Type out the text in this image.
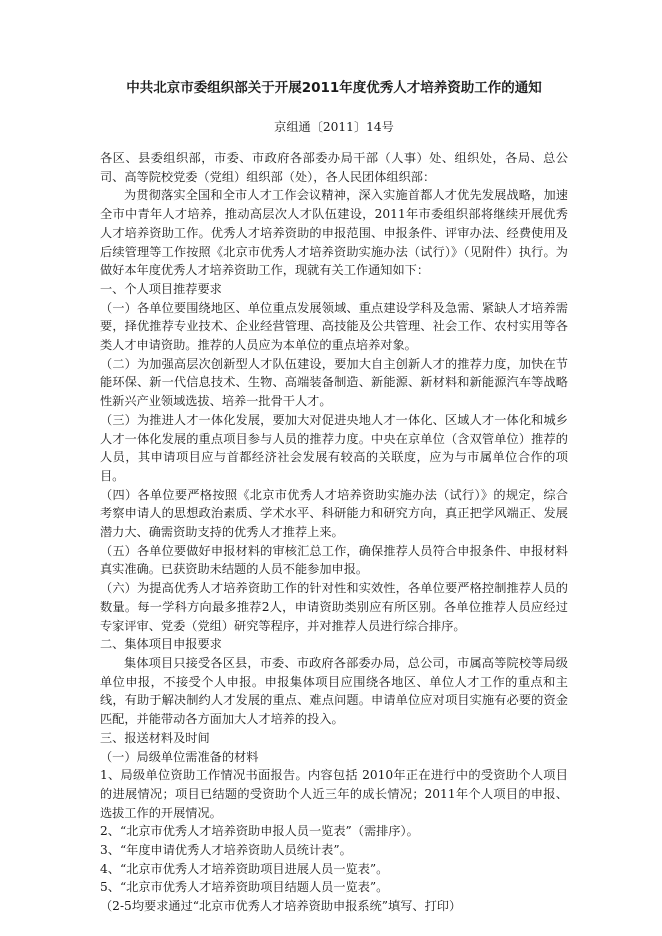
中共北京市委组织部关于开展2011年度优秀人才培养资助工作的通知
京组通〔2011〕14号

各区、县委组织部，市委、市政府各部委办局干部（人事）处、组织处，各局、总公司、高等院校党委（党组）组织部（处），各人民团体组织部：

为贯彻落实全国和全市人才工作会议精神，深入实施首都人才优先发展战略，加速全市中青年人才培养，推动高层次人才队伍建设，2011年市委组织部将继续开展优秀人才培养资助工作。优秀人才培养资助的申报范围、申报条件、评审办法、经费使用及后续管理等工作按照《北京市优秀人才培养资助实施办法（试行）》（见附件）执行。为做好本年度优秀人才培养资助工作，现就有关工作通知如下：

一、个人项目推荐要求

（一）各单位要围绕地区、单位重点发展领域、重点建设学科及急需、紧缺人才培养需要，择优推荐专业技术、企业经营管理、高技能及公共管理、社会工作、农村实用等各类人才申请资助。推荐的人员应为本单位的重点培养对象。

（二）为加强高层次创新型人才队伍建设，要加大自主创新人才的推荐力度，加快在节能环保、新一代信息技术、生物、高端装备制造、新能源、新材料和新能源汽车等战略性新兴产业领域选拔、培养一批骨干人才。

（三）为推进人才一体化发展，要加大对促进央地人才一体化、区域人才一体化和城乡人才一体化发展的重点项目参与人员的推荐力度。中央在京单位（含双管单位）推荐的人员，其申请项目应与首都经济社会发展有较高的关联度，应为与市属单位合作的项目。

（四）各单位要严格按照《北京市优秀人才培养资助实施办法（试行）》的规定，综合考察申请人的思想政治素质、学术水平、科研能力和研究方向，真正把学风端正、发展潜力大、确需资助支持的优秀人才推荐上来。

（五）各单位要做好申报材料的审核汇总工作，确保推荐人员符合申报条件、申报材料真实准确。已获资助未结题的人员不能参加申报。

（六）为提高优秀人才培养资助工作的针对性和实效性，各单位要严格控制推荐人员的数量。每一学科方向最多推荐2人，申请资助类别应有所区别。各单位推荐人员应经过专家评审、党委（党组）研究等程序，并对推荐人员进行综合排序。

二、集体项目申报要求

集体项目只接受各区县，市委、市政府各部委办局，总公司，市属高等院校等局级单位申报，不接受个人申报。申报集体项目应围绕各地区、单位人才工作的重点和主线，有助于解决制约人才发展的重点、难点问题。申请单位应对项目实施有必要的资金匹配，并能带动各方面加大人才培养的投入。

三、报送材料及时间

（一）局级单位需准备的材料

1、局级单位资助工作情况书面报告。内容包括 2010年正在进行中的受资助个人项目的进展情况；项目已结题的受资助个人近三年的成长情况；2011年个人项目的申报、选拔工作的开展情况。

2、“北京市优秀人才培养资助申报人员一览表”（需排序）。

3、“年度申请优秀人才培养资助人员统计表”。

4、“北京市优秀人才培养资助项目进展人员一览表”。

5、“北京市优秀人才培养资助项目结题人员一览表”。

（2-5均要求通过“北京市优秀人才培养资助申报系统”填写、打印）
